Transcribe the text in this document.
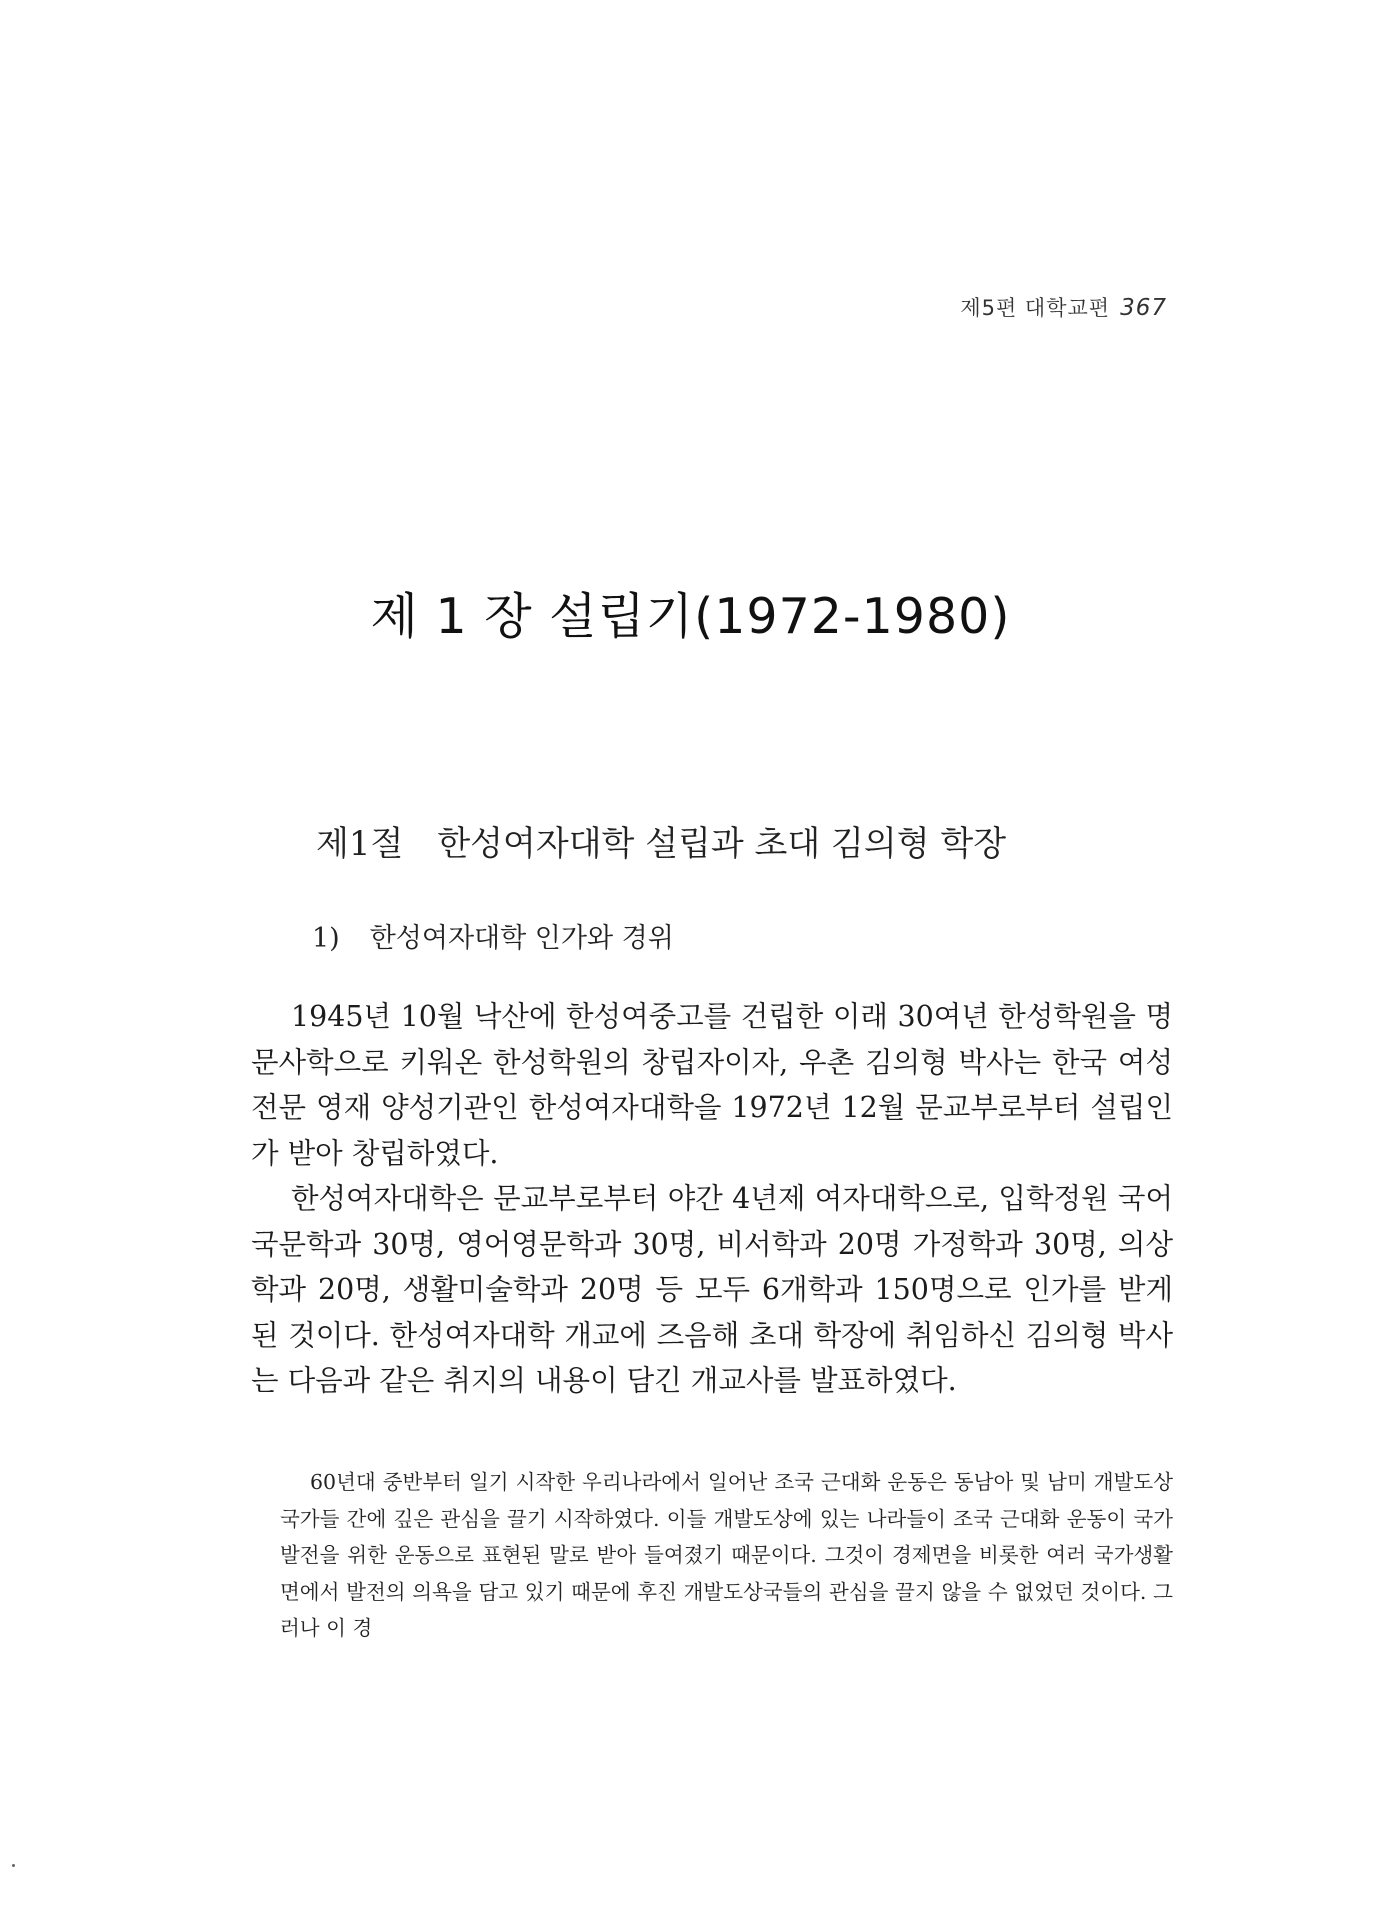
제5편 대학교편 367
제 1 장 설립기(1972-1980)
제1절 한성여자대학 설립과 초대 김의형 학장
1) 한성여자대학 인가와 경위

1945년 10월 낙산에 한성여중고를 건립한 이래 30여년 한성학원을 명문사학으로 키워온 한성학원의 창립자이자, 우촌 김의형 박사는 한국 여성 전문 영재 양성기관인 한성여자대학을 1972년 12월 문교부로부터 설립인가 받아 창립하였다.

한성여자대학은 문교부로부터 야간 4년제 여자대학으로, 입학정원 국어국문학과 30명, 영어영문학과 30명, 비서학과 20명 가정학과 30명, 의상학과 20명, 생활미술학과 20명 등 모두 6개학과 150명으로 인가를 받게 된 것이다. 한성여자대학 개교에 즈음해 초대 학장에 취임하신 김의형 박사는 다음과 같은 취지의 내용이 담긴 개교사를 발표하였다.

60년대 중반부터 일기 시작한 우리나라에서 일어난 조국 근대화 운동은 동남아 및 남미 개발도상국가들 간에 깊은 관심을 끌기 시작하였다. 이들 개발도상에 있는 나라들이 조국 근대화 운동이 국가발전을 위한 운동으로 표현된 말로 받아 들여졌기 때문이다. 그것이 경제면을 비롯한 여러 국가생활면에서 발전의 의욕을 담고 있기 때문에 후진 개발도상국들의 관심을 끌지 않을 수 없었던 것이다. 그러나 이 경
